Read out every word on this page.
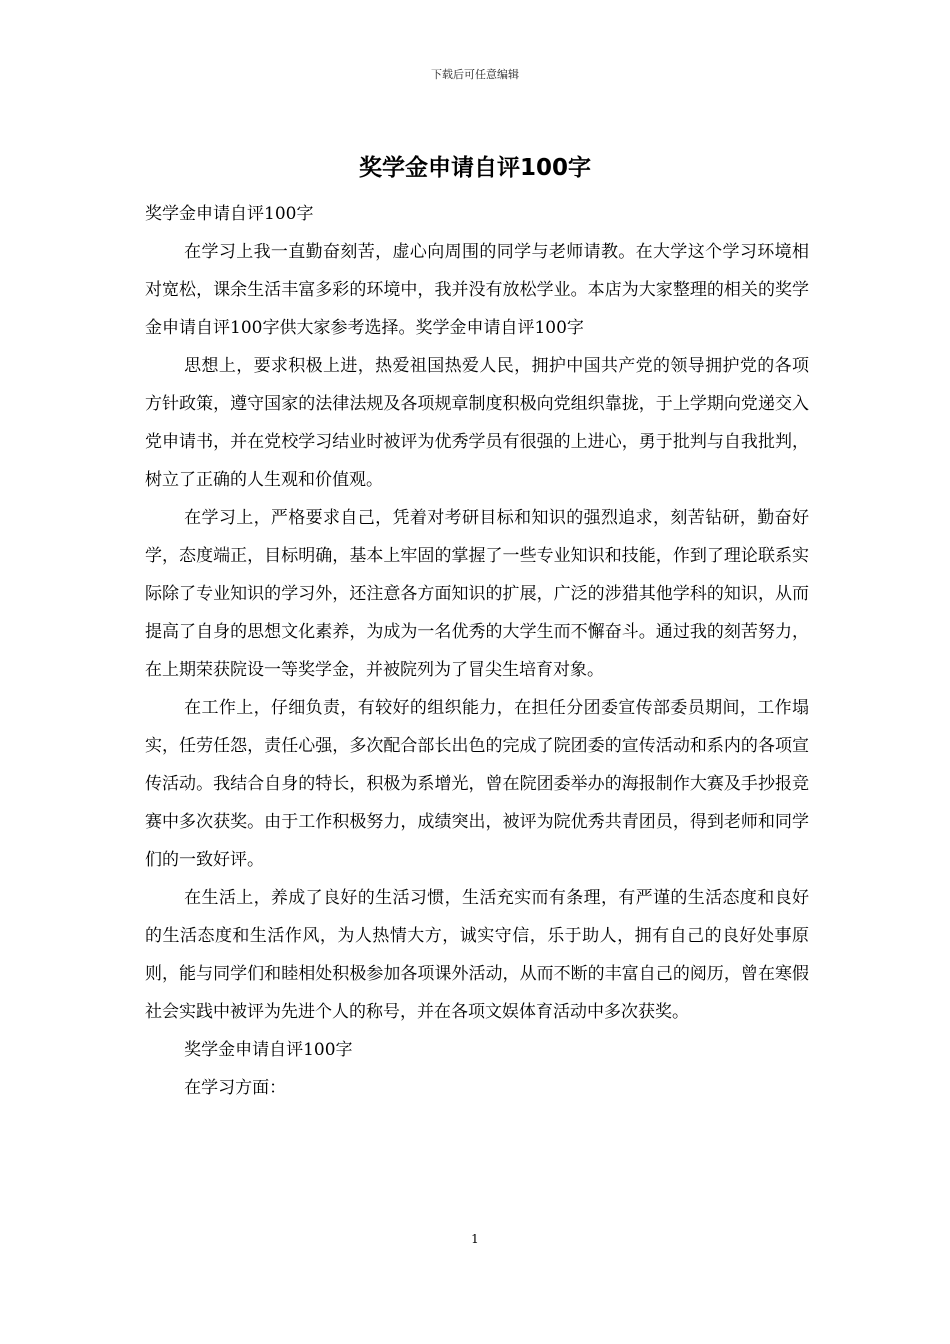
下载后可任意编辑
奖学金申请自评100字

奖学金申请自评100字

在学习上我一直勤奋刻苦，虚心向周围的同学与老师请教。在大学这个学习环境相对宽松，课余生活丰富多彩的环境中，我并没有放松学业。本店为大家整理的相关的奖学金申请自评100字供大家参考选择。奖学金申请自评100字

思想上，要求积极上进，热爱祖国热爱人民，拥护中国共产党的领导拥护党的各项方针政策，遵守国家的法律法规及各项规章制度积极向党组织靠拢，于上学期向党递交入党申请书，并在党校学习结业时被评为优秀学员有很强的上进心，勇于批判与自我批判，树立了正确的人生观和价值观。

在学习上，严格要求自己，凭着对考研目标和知识的强烈追求，刻苦钻研，勤奋好学，态度端正，目标明确，基本上牢固的掌握了一些专业知识和技能，作到了理论联系实际除了专业知识的学习外，还注意各方面知识的扩展，广泛的涉猎其他学科的知识，从而提高了自身的思想文化素养，为成为一名优秀的大学生而不懈奋斗。通过我的刻苦努力，在上期荣获院设一等奖学金，并被院列为了冒尖生培育对象。

在工作上，仔细负责，有较好的组织能力，在担任分团委宣传部委员期间，工作塌实，任劳任怨，责任心强，多次配合部长出色的完成了院团委的宣传活动和系内的各项宣传活动。我结合自身的特长，积极为系增光，曾在院团委举办的海报制作大赛及手抄报竞赛中多次获奖。由于工作积极努力，成绩突出，被评为院优秀共青团员，得到老师和同学们的一致好评。

在生活上，养成了良好的生活习惯，生活充实而有条理，有严谨的生活态度和良好的生活态度和生活作风，为人热情大方，诚实守信，乐于助人，拥有自己的良好处事原则，能与同学们和睦相处积极参加各项课外活动，从而不断的丰富自己的阅历，曾在寒假社会实践中被评为先进个人的称号，并在各项文娱体育活动中多次获奖。

奖学金申请自评100字

在学习方面：

1
